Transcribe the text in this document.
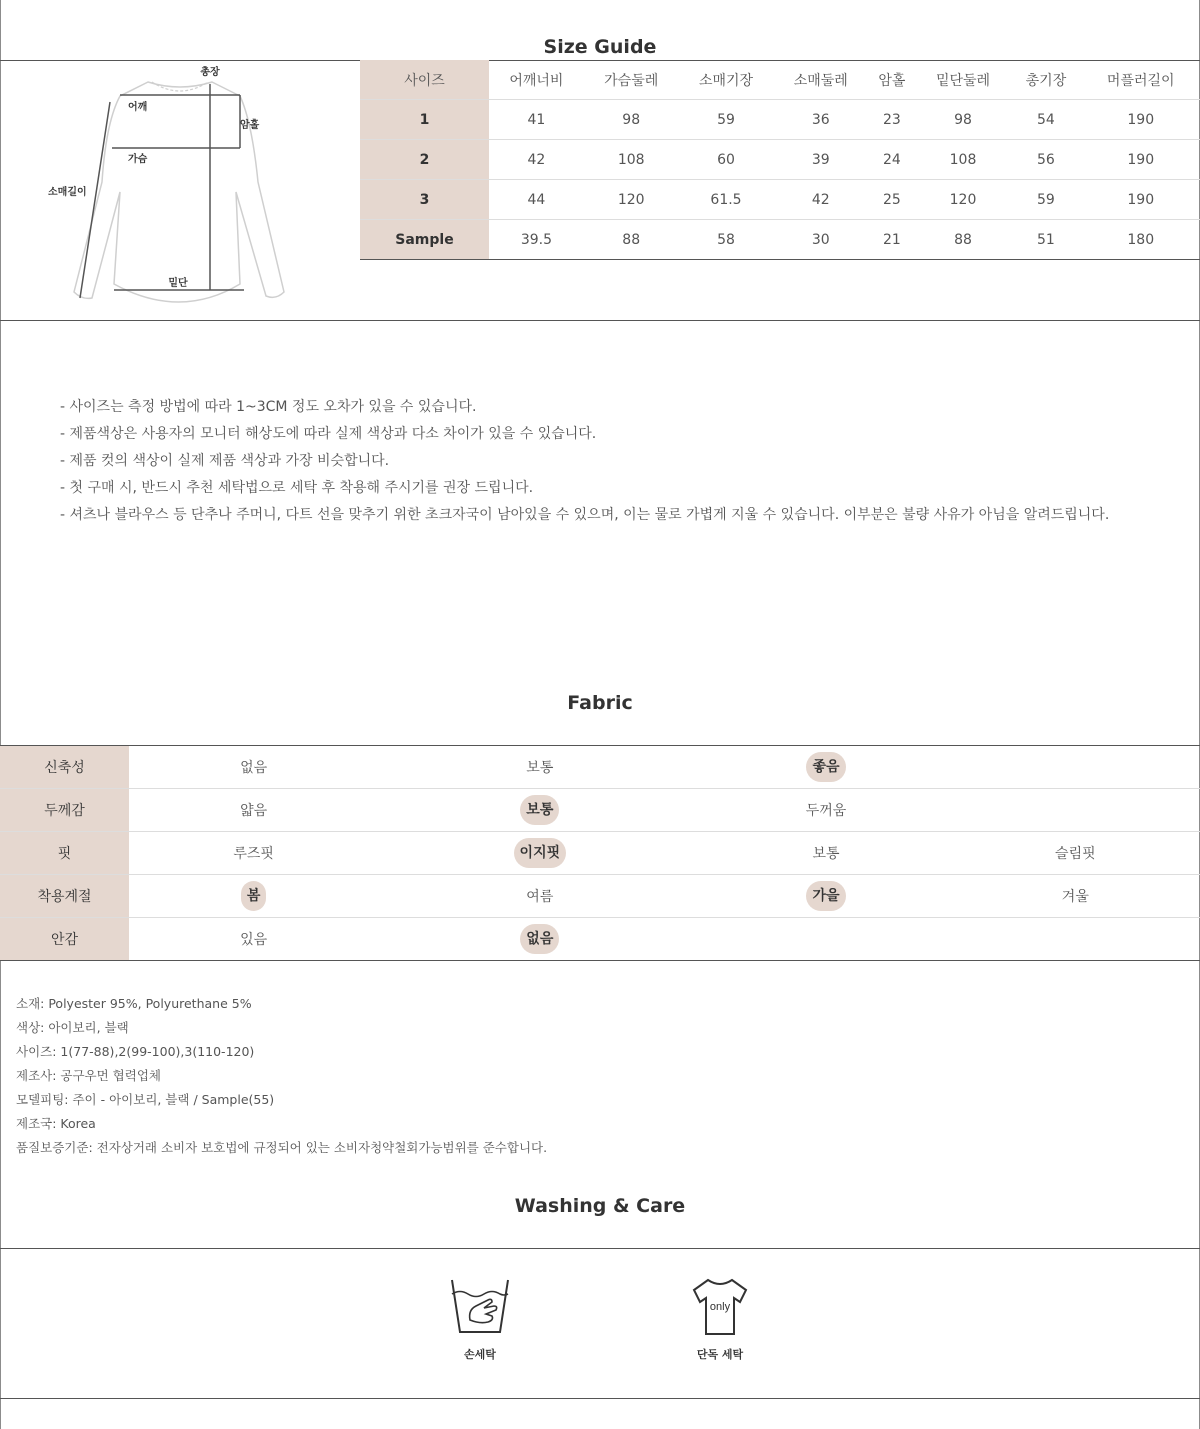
Size Guide
총장
어깨
암홀
가슴
소매길이
밑단
사이즈	어깨너비	가슴둘레	소매기장	소매둘레	암홀	밑단둘레	총기장	머플러길이
1	41	98	59	36	23	98	54	190
2	42	108	60	39	24	108	56	190
3	44	120	61.5	42	25	120	59	190
Sample	39.5	88	58	30	21	88	51	180
- 사이즈는 측정 방법에 따라 1~3CM 정도 오차가 있을 수 있습니다.
- 제품색상은 사용자의 모니터 해상도에 따라 실제 색상과 다소 차이가 있을 수 있습니다.
- 제품 컷의 색상이 실제 제품 색상과 가장 비슷합니다.
- 첫 구매 시, 반드시 추천 세탁법으로 세탁 후 착용해 주시기를 권장 드립니다.
- 셔츠나 블라우스 등 단추나 주머니, 다트 선을 맞추기 위한 초크자국이 남아있을 수 있으며, 이는 물로 가볍게 지울 수 있습니다. 이부분은 불량 사유가 아님을 알려드립니다.
Fabric
신축성	없음	보통	좋음	
두께감	얇음	보통	두꺼움	
핏	루즈핏	이지핏	보통	슬림핏
착용계절	봄	여름	가을	겨울
안감	있음	없음		
소재: Polyester 95%, Polyurethane 5%
색상: 아이보리, 블랙
사이즈: 1(77-88),2(99-100),3(110-120)
제조사: 공구우먼 협력업체
모델피팅: 주이 - 아이보리, 블랙 / Sample(55)
제조국: Korea
품질보증기준: 전자상거래 소비자 보호법에 규정되어 있는 소비자청약철회가능범위를 준수합니다.
Washing & Care
손세탁
only
단독 세탁
